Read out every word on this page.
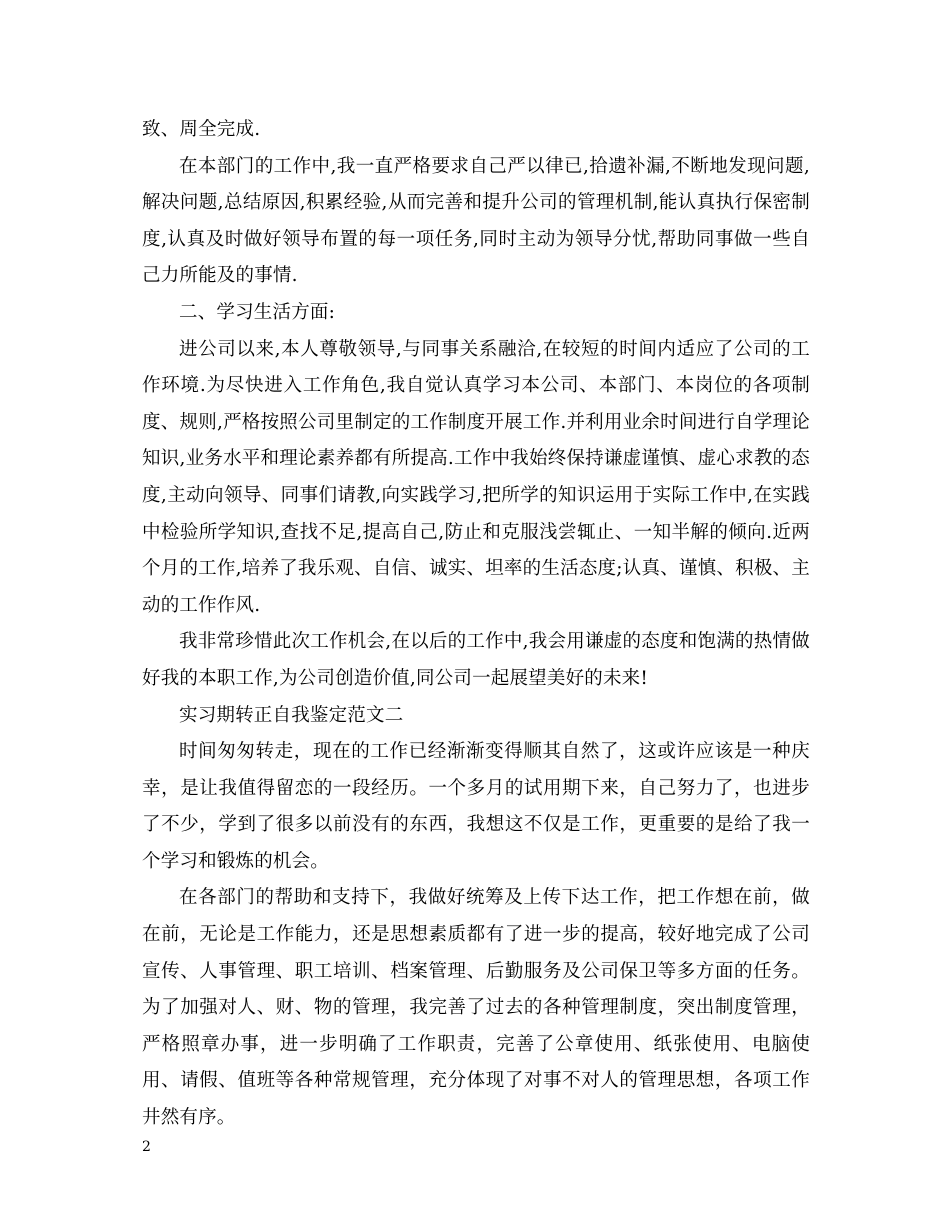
致、周全完成.

在本部门的工作中,我一直严格要求自己严以律已,拾遗补漏,不断地发现问题,解决问题,总结原因,积累经验,从而完善和提升公司的管理机制,能认真执行保密制度,认真及时做好领导布置的每一项任务,同时主动为领导分忧,帮助同事做一些自己力所能及的事情.

二、学习生活方面:

进公司以来,本人尊敬领导,与同事关系融洽,在较短的时间内适应了公司的工作环境.为尽快进入工作角色,我自觉认真学习本公司、本部门、本岗位的各项制度、规则,严格按照公司里制定的工作制度开展工作.并利用业余时间进行自学理论知识,业务水平和理论素养都有所提高.工作中我始终保持谦虚谨慎、虚心求教的态度,主动向领导、同事们请教,向实践学习,把所学的知识运用于实际工作中,在实践中检验所学知识,查找不足,提高自己,防止和克服浅尝辄止、一知半解的倾向.近两个月的工作,培养了我乐观、自信、诚实、坦率的生活态度;认真、谨慎、积极、主动的工作作风.

我非常珍惜此次工作机会,在以后的工作中,我会用谦虚的态度和饱满的热情做好我的本职工作,为公司创造价值,同公司一起展望美好的未来!

实习期转正自我鉴定范文二

时间匆匆转走，现在的工作已经渐渐变得顺其自然了，这或许应该是一种庆幸，是让我值得留恋的一段经历。一个多月的试用期下来，自己努力了，也进步了不少，学到了很多以前没有的东西，我想这不仅是工作，更重要的是给了我一个学习和锻炼的机会。

在各部门的帮助和支持下，我做好统筹及上传下达工作，把工作想在前，做在前，无论是工作能力，还是思想素质都有了进一步的提高，较好地完成了公司宣传、人事管理、职工培训、档案管理、后勤服务及公司保卫等多方面的任务。为了加强对人、财、物的管理，我完善了过去的各种管理制度，突出制度管理，严格照章办事，进一步明确了工作职责，完善了公章使用、纸张使用、电脑使用、请假、值班等各种常规管理，充分体现了对事不对人的管理思想，各项工作井然有序。

2
